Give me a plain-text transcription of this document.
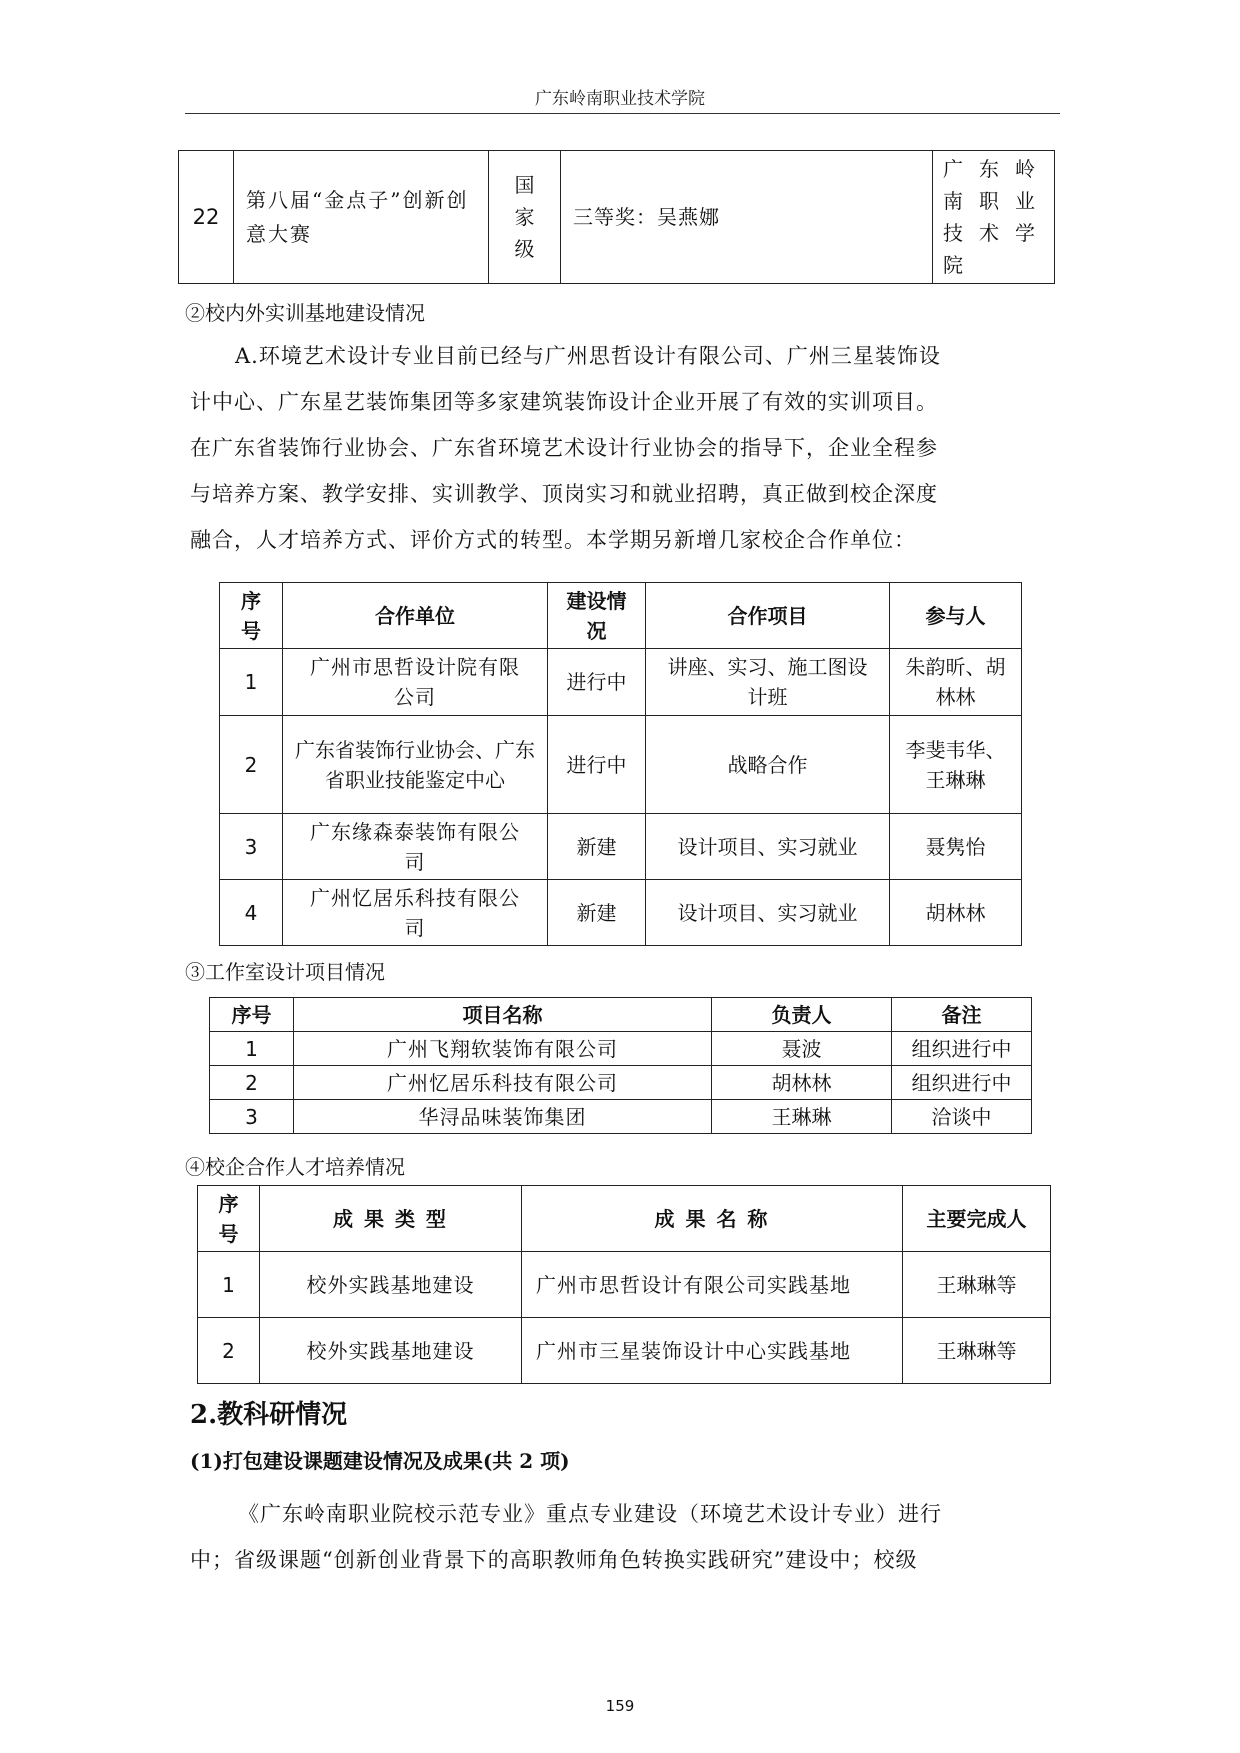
广东岭南职业技术学院
22	第八届“金点子”创新创意大赛	国家级	三等奖：吴燕娜	广东岭南职业技术学院
②校内外实训基地建设情况
A.环境艺术设计专业目前已经与广州思哲设计有限公司、广州三星装饰设
计中心、广东星艺装饰集团等多家建筑装饰设计企业开展了有效的实训项目。
在广东省装饰行业协会、广东省环境艺术设计行业协会的指导下，企业全程参
与培养方案、教学安排、实训教学、顶岗实习和就业招聘，真正做到校企深度
融合，人才培养方式、评价方式的转型。本学期另新增几家校企合作单位：
序号	合作单位	建设情况	合作项目	参与人
1	广州市思哲设计院有限公司	进行中	讲座、实习、施工图设计班	朱韵昕、胡林林
2	广东省装饰行业协会、广东省职业技能鉴定中心	进行中	战略合作	李斐韦华、王琳琳
3	广东缘森泰装饰有限公司	新建	设计项目、实习就业	聂隽怡
4	广州忆居乐科技有限公司	新建	设计项目、实习就业	胡林林
③工作室设计项目情况
序号	项目名称	负责人	备注
1	广州飞翔软装饰有限公司	聂波	组织进行中
2	广州忆居乐科技有限公司	胡林林	组织进行中
3	华浔品味装饰集团	王琳琳	洽谈中
④校企合作人才培养情况
序号	成 果 类 型	成 果 名 称	主要完成人
1	校外实践基地建设	广州市思哲设计有限公司实践基地	王琳琳等
2	校外实践基地建设	广州市三星装饰设计中心实践基地	王琳琳等
2.教科研情况
(1)打包建设课题建设情况及成果(共 2 项)
《广东岭南职业院校示范专业》重点专业建设（环境艺术设计专业）进行
中；省级课题“创新创业背景下的高职教师角色转换实践研究”建设中；校级
159
